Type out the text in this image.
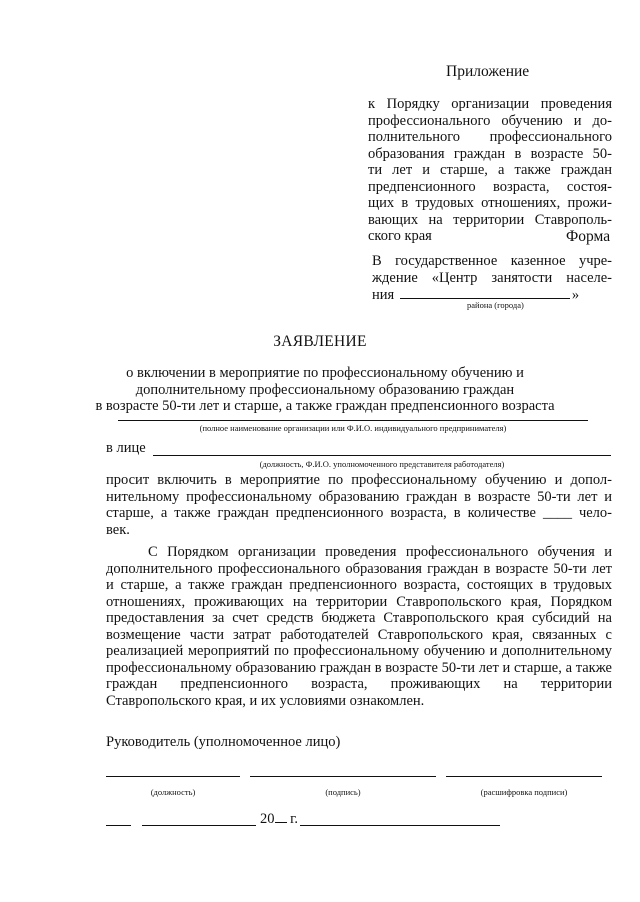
Приложение
к Порядку организации проведения
профессионального обучению и до-
полнительного профессионального
образования граждан в возрасте 50-
ти лет и старше, а также граждан
предпенсионного возраста, состоя-
щих в трудовых отношениях, прожи-
вающих на территории Ставрополь-
ского края	Форма
В государственное казенное учре-
ждение «Центр занятости населе-
ния	»
района (города)
ЗАЯВЛЕНИЕ
о включении в мероприятие по профессиональному обучению и
дополнительному профессиональному образованию граждан
в возрасте 50-ти лет и старше, а также граждан предпенсионного возраста
(полное наименование организации или Ф.И.О. индивидуального предпринимателя)
в лице
(должность, Ф.И.О. уполномоченного представителя работодателя)
просит включить в мероприятие по профессиональному обучению и допол-
нительному профессиональному образованию граждан в возрасте 50-ти лет и
старше, а также граждан предпенсионного возраста, в количестве ____ чело-
век.
С Порядком организации проведения профессионального обучения и дополнительного профессионального образования граждан в возрасте 50-ти лет и старше, а также граждан предпенсионного возраста, состоящих в трудовых отношениях, проживающих на территории Ставропольского края, Порядком предоставления за счет средств бюджета Ставропольского края субсидий на возмещение части затрат работодателей Ставропольского края, связанных с реализацией мероприятий по профессиональному обучению и дополнительному профессиональному образованию граждан в возрасте 50-ти лет и старше, а также граждан предпенсионного возраста, проживающих на территории Ставропольского края, и их условиями ознакомлен.
Руководитель (уполномоченное лицо)
(должность)	(подпись)	(расшифровка подписи)
20 г.
